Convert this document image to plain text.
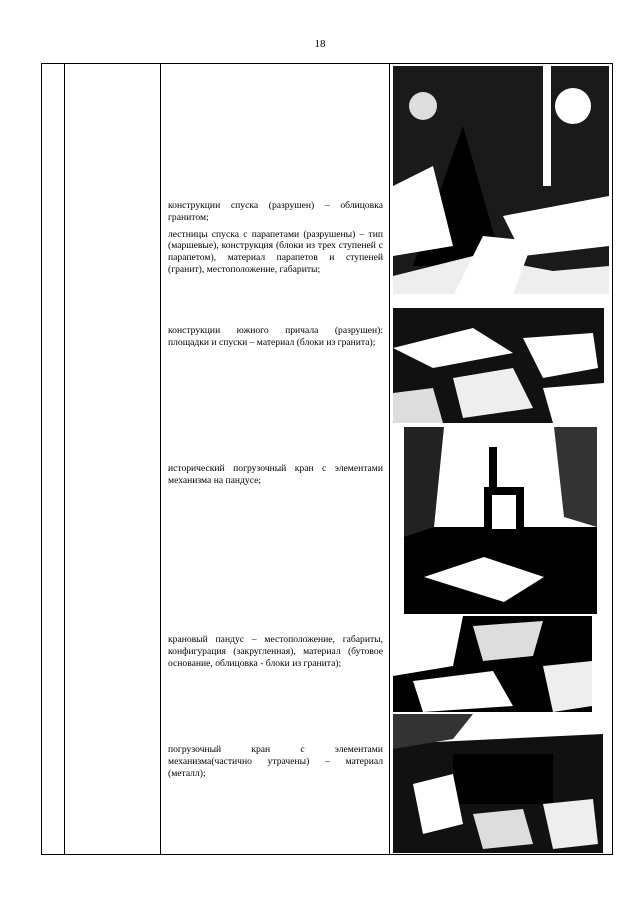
18

конструкции спуска (разрушен) – облицовка гранитом;

лестницы спуска с парапетами (разрушены) – тип (маршевые), конструкция (блоки из трех ступеней с парапетом), материал парапетов и ступеней (гранит), местоположение, габариты;

конструкции южного причала (разрушен): площадки и спуски – материал (блоки из гранита);

исторический погрузочный кран с элементами механизма на пандусе;

крановый пандус – местоположение, габариты, конфигурация (закругленная), материал (бутовое основание, облицовка - блоки из гранита);

погрузочный кран с элементами механизма(частично утрачены) – материал (металл);
